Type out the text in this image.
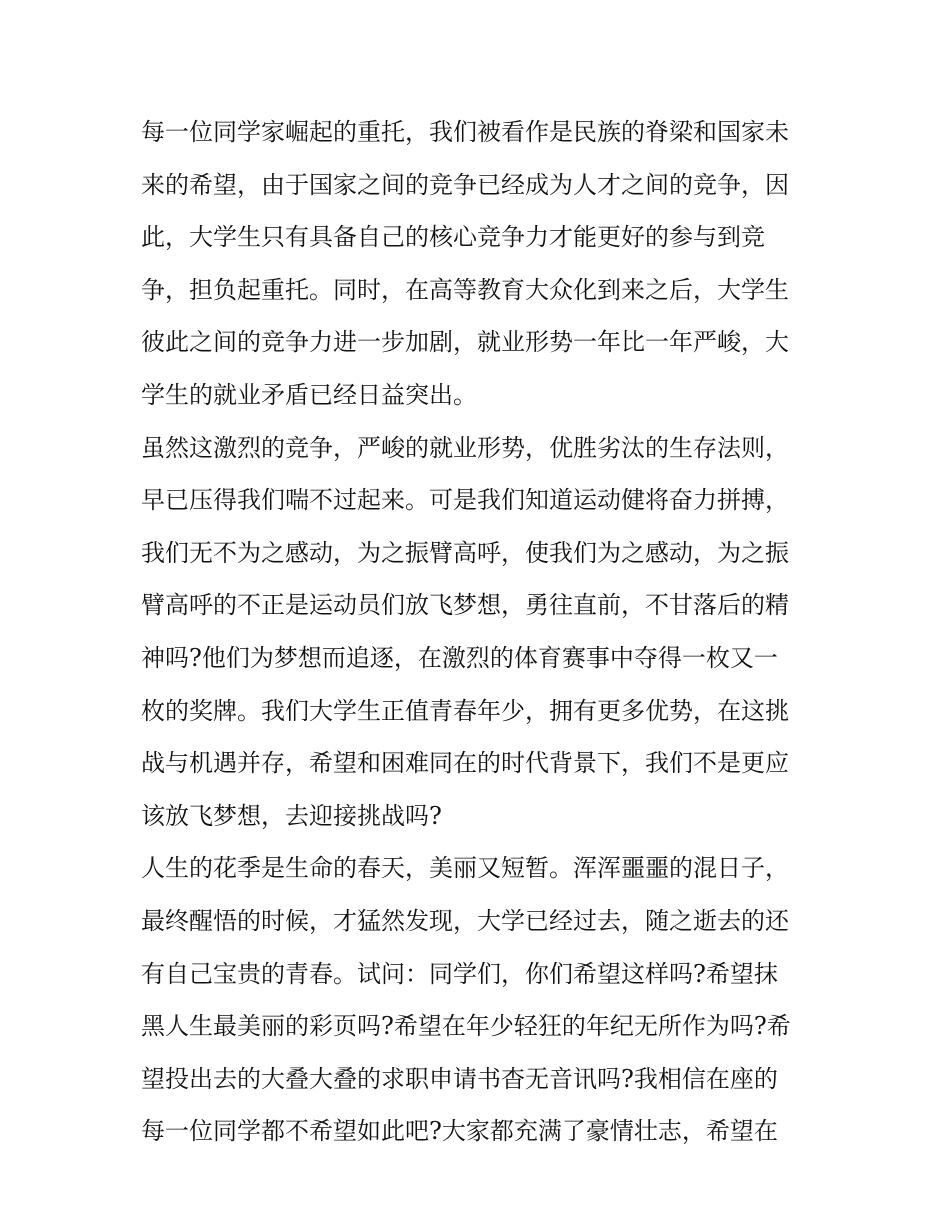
每一位同学家崛起的重托，我们被看作是民族的脊梁和国家未
来的希望，由于国家之间的竞争已经成为人才之间的竞争，因
此，大学生只有具备自己的核心竞争力才能更好的参与到竞
争，担负起重托。同时，在高等教育大众化到来之后，大学生
彼此之间的竞争力进一步加剧，就业形势一年比一年严峻，大
学生的就业矛盾已经日益突出。
虽然这激烈的竞争，严峻的就业形势，优胜劣汰的生存法则，
早已压得我们喘不过起来。可是我们知道运动健将奋力拼搏，
我们无不为之感动，为之振臂高呼，使我们为之感动，为之振
臂高呼的不正是运动员们放飞梦想，勇往直前，不甘落后的精
神吗?他们为梦想而追逐，在激烈的体育赛事中夺得一枚又一
枚的奖牌。我们大学生正值青春年少，拥有更多优势，在这挑
战与机遇并存，希望和困难同在的时代背景下，我们不是更应
该放飞梦想，去迎接挑战吗?
人生的花季是生命的春天，美丽又短暂。浑浑噩噩的混日子，
最终醒悟的时候，才猛然发现，大学已经过去，随之逝去的还
有自己宝贵的青春。试问：同学们，你们希望这样吗?希望抹
黑人生最美丽的彩页吗?希望在年少轻狂的年纪无所作为吗?希
望投出去的大叠大叠的求职申请书杳无音讯吗?我相信在座的
每一位同学都不希望如此吧?大家都充满了豪情壮志，希望在
